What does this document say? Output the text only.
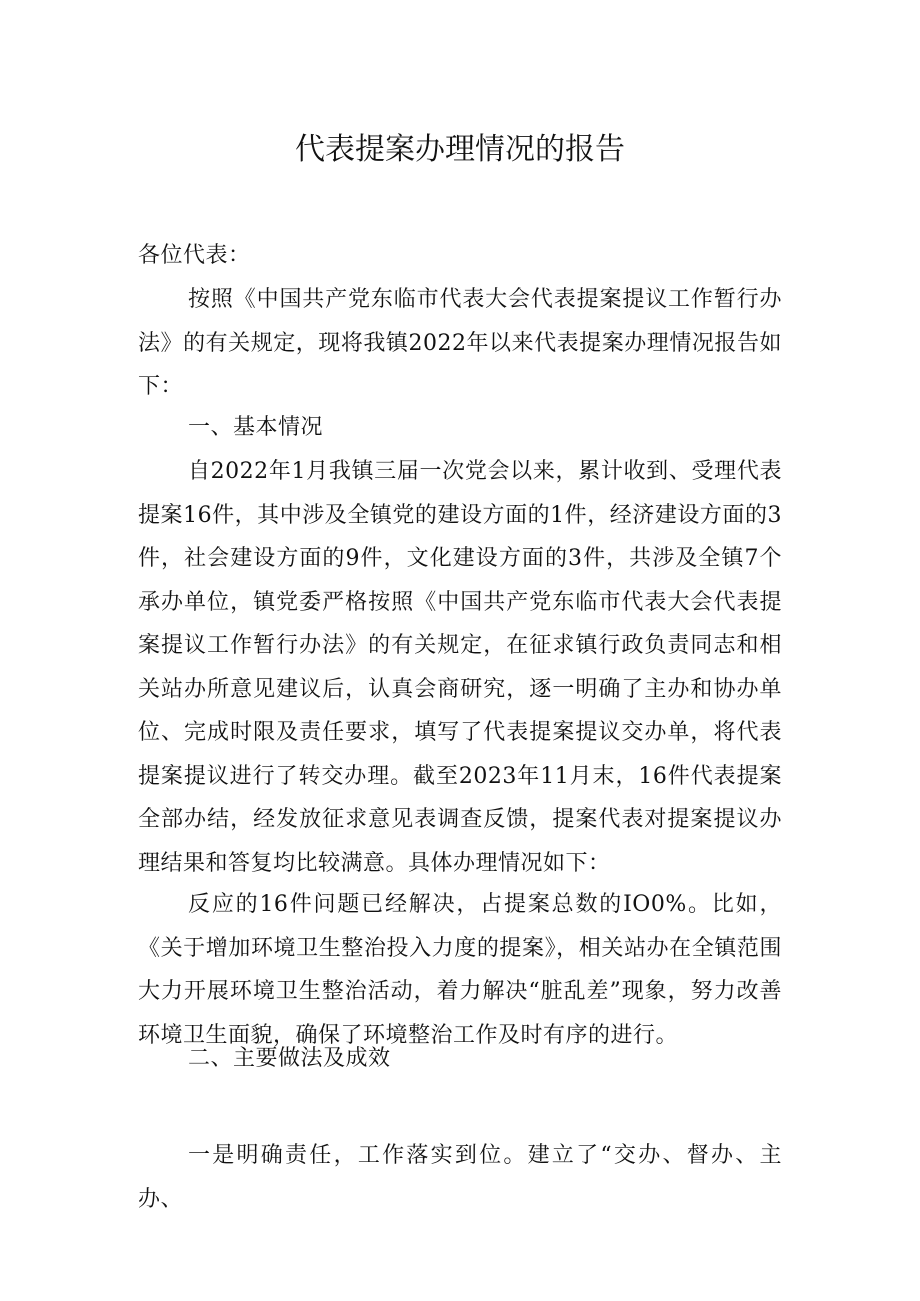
代表提案办理情况的报告

各位代表：

按照《中国共产党东临市代表大会代表提案提议工作暂行办法》的有关规定，现将我镇2022年以来代表提案办理情况报告如下：

一、基本情况

自2022年1月我镇三届一次党会以来，累计收到、受理代表提案16件，其中涉及全镇党的建设方面的1件，经济建设方面的3件，社会建设方面的9件，文化建设方面的3件，共涉及全镇7个承办单位，镇党委严格按照《中国共产党东临市代表大会代表提案提议工作暂行办法》的有关规定，在征求镇行政负责同志和相关站办所意见建议后，认真会商研究，逐一明确了主办和协办单位、完成时限及责任要求，填写了代表提案提议交办单，将代表提案提议进行了转交办理。截至2023年11月末，16件代表提案全部办结，经发放征求意见表调查反馈，提案代表对提案提议办理结果和答复均比较满意。具体办理情况如下：

反应的16件问题已经解决，占提案总数的IO0%。比如，《关于增加环境卫生整治投入力度的提案》，相关站办在全镇范围大力开展环境卫生整治活动，着力解决“脏乱差”现象，努力改善环境卫生面貌，确保了环境整治工作及时有序的进行。

二、主要做法及成效

一是明确责任，工作落实到位。建立了“交办、督办、主办、
